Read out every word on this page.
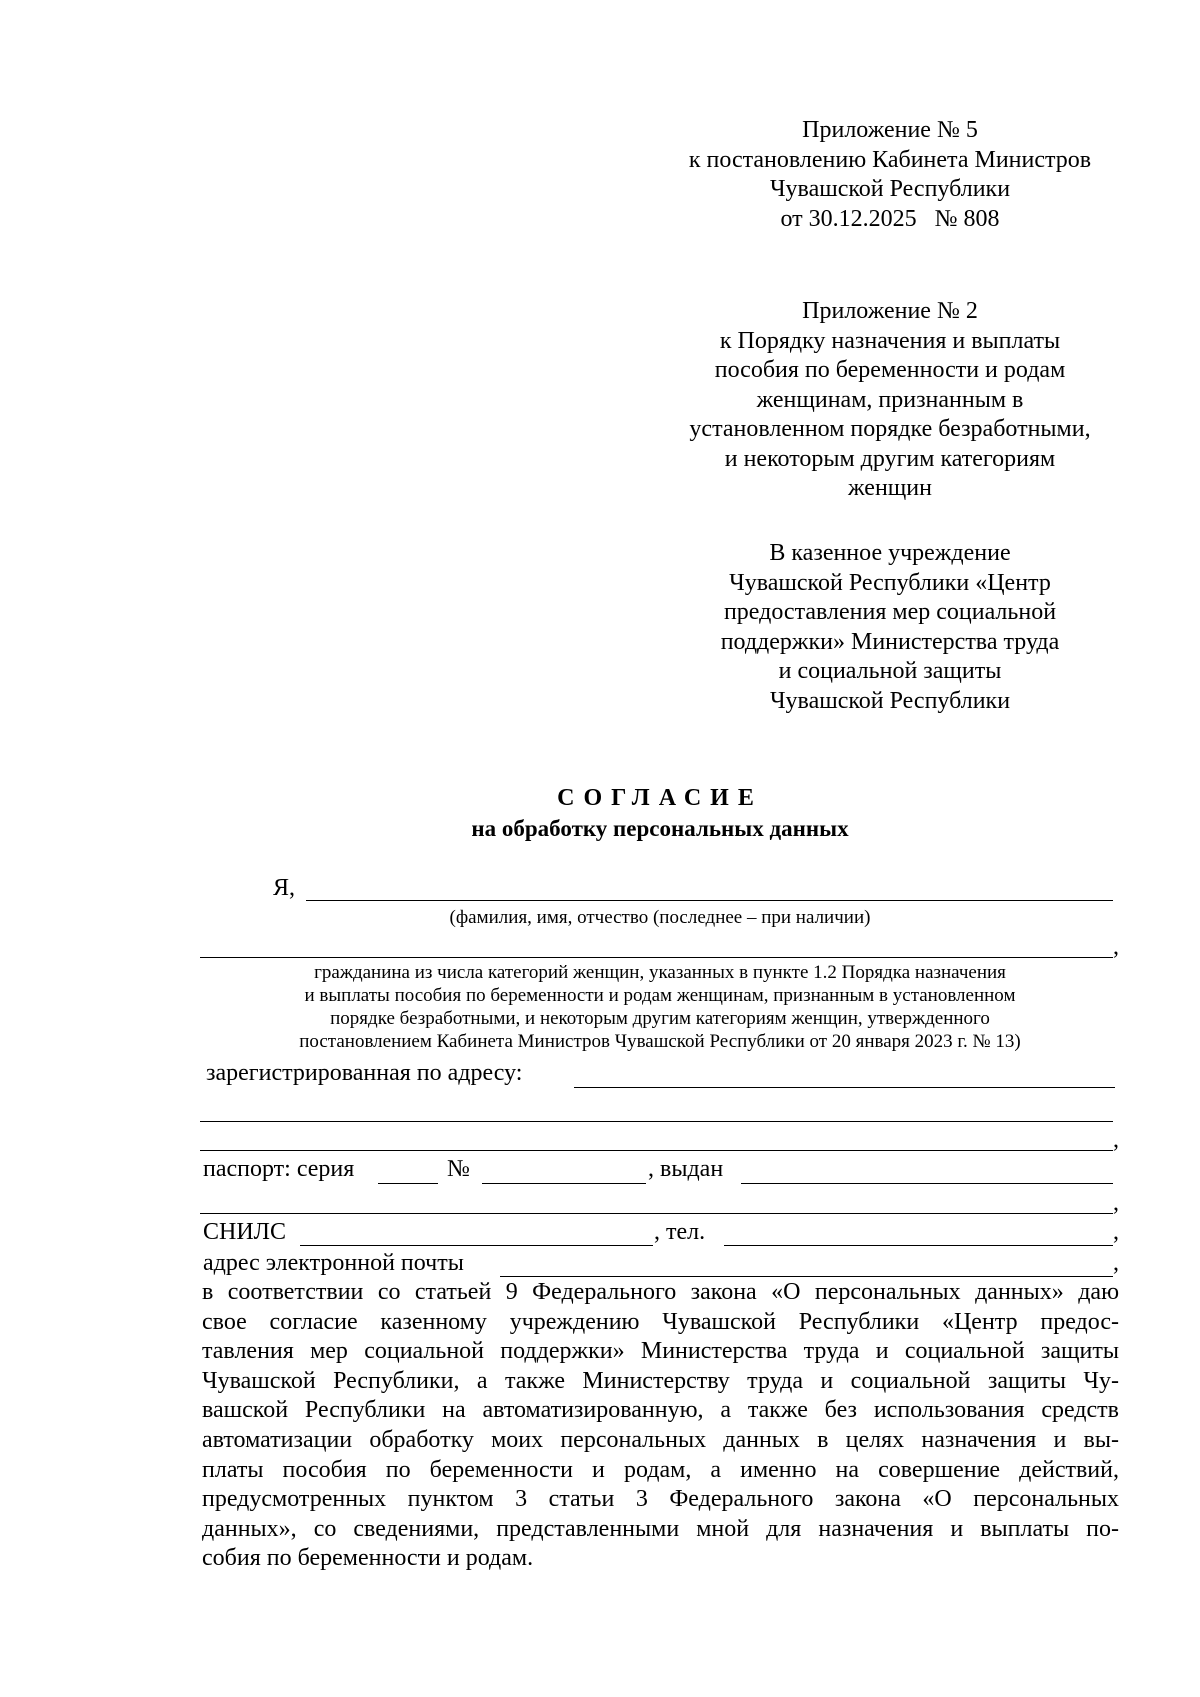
Приложение № 5
к постановлению Кабинета Министров
Чувашской Республики
от 30.12.2025   № 808
Приложение № 2
к Порядку назначения и выплаты
пособия по беременности и родам
женщинам, признанным в
установленном порядке безработными,
и некоторым другим категориям
женщин
В казенное учреждение
Чувашской Республики «Центр
предоставления мер социальной
поддержки» Министерства труда
и социальной защиты
Чувашской Республики
СОГЛАСИЕ
на обработку персональных данных
Я,
(фамилия, имя, отчество (последнее – при наличии)
,
гражданина из числа категорий женщин, указанных в пункте 1.2 Порядка назначения
и выплаты пособия по беременности и родам женщинам, признанным в установленном
порядке безработными, и некоторым другим категориям женщин, утвержденного
постановлением Кабинета Министров Чувашской Республики от 20 января 2023 г. № 13)
зарегистрированная по адресу:
,
паспорт: серия	№	, выдан
,
СНИЛС	, тел.	,
адрес электронной почты	,
в соответствии со статьей 9 Федерального закона «О персональных данных» даю
свое согласие казенному учреждению Чувашской Республики «Центр предос-
тавления мер социальной поддержки» Министерства труда и социальной защиты
Чувашской Республики, а также Министерству труда и социальной защиты Чу-
вашской Республики на автоматизированную, а также без использования средств
автоматизации обработку моих персональных данных в целях назначения и вы-
платы пособия по беременности и родам, а именно на совершение действий,
предусмотренных пунктом 3 статьи 3 Федерального закона «О персональных
данных», со сведениями, представленными мной для назначения и выплаты по-
собия по беременности и родам.
